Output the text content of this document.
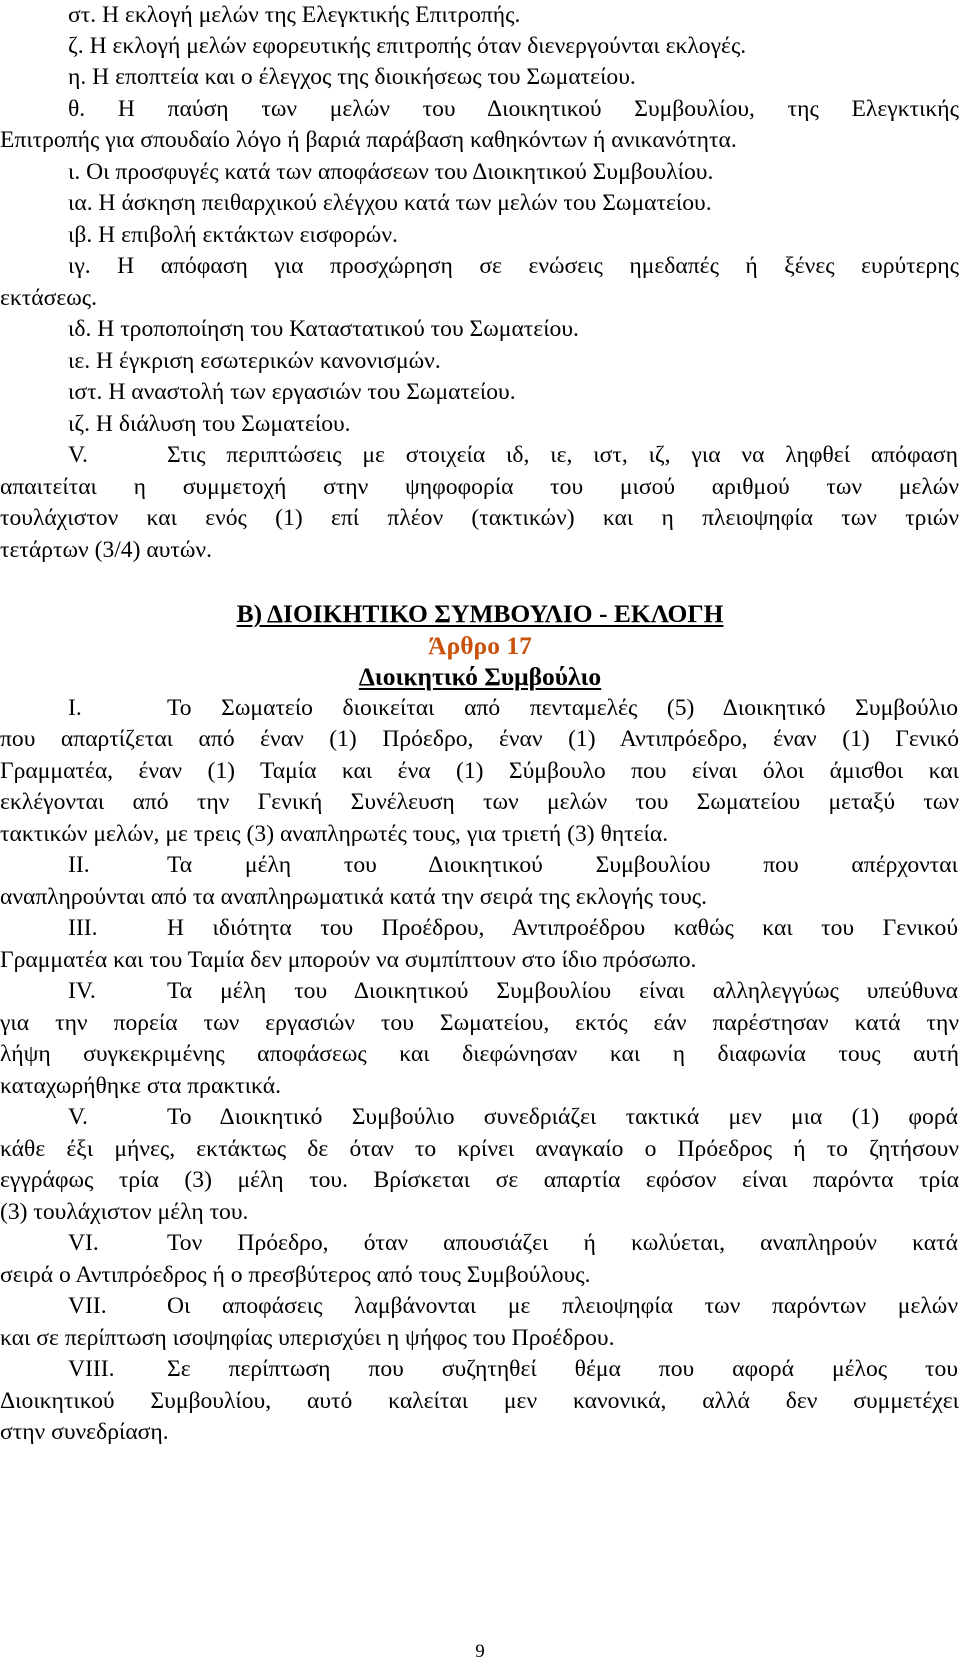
στ. Η εκλογή μελών της Ελεγκτικής Επιτροπής.
ζ. Η εκλογή μελών εφορευτικής επιτροπής όταν διενεργούνται εκλογές.
η. Η εποπτεία και ο έλεγχος της διοικήσεως του Σωματείου.
θ. Η παύση των μελών του Διοικητικού Συμβουλίου, της Ελεγκτικής
Επιτροπής για σπουδαίο λόγο ή βαριά παράβαση καθηκόντων ή ανικανότητα.
ι. Οι προσφυγές κατά των αποφάσεων του Διοικητικού Συμβουλίου.
ια. Η άσκηση πειθαρχικού ελέγχου κατά των μελών του Σωματείου.
ιβ. Η επιβολή εκτάκτων εισφορών.
ιγ. Η απόφαση για προσχώρηση σε ενώσεις ημεδαπές ή ξένες ευρύτερης
εκτάσεως.
ιδ. Η τροποποίηση του Καταστατικού του Σωματείου.
ιε. Η έγκριση εσωτερικών κανονισμών.
ιστ. Η αναστολή των εργασιών του Σωματείου.
ιζ. Η διάλυση του Σωματείου.
V.	Στις περιπτώσεις με στοιχεία ιδ, ιε, ιστ, ιζ, για να ληφθεί απόφαση
απαιτείται η συμμετοχή στην ψηφοφορία του μισού αριθμού των μελών
τουλάχιστον και ενός (1) επί πλέον (τακτικών) και η πλειοψηφία των τριών
τετάρτων (3/4) αυτών.
Β) ΔΙΟΙΚΗΤΙΚΟ ΣΥΜΒΟΥΛΙΟ - ΕΚΛΟΓΗ
Άρθρο 17
Διοικητικό Συμβούλιο
I.	Το Σωματείο διοικείται από πενταμελές (5) Διοικητικό Συμβούλιο
που απαρτίζεται από έναν (1) Πρόεδρο, έναν (1) Αντιπρόεδρο, έναν (1) Γενικό
Γραμματέα, έναν (1) Ταμία και ένα (1) Σύμβουλο που είναι όλοι άμισθοι και
εκλέγονται από την Γενική Συνέλευση των μελών του Σωματείου μεταξύ των
τακτικών μελών, με τρεις (3) αναπληρωτές τους, για τριετή (3) θητεία.
II.	Τα μέλη του Διοικητικού Συμβουλίου που απέρχονται
αναπληρούνται από τα αναπληρωματικά κατά την σειρά της εκλογής τους.
III.	Η ιδιότητα του Προέδρου, Αντιπροέδρου καθώς και του Γενικού
Γραμματέα και του Ταμία δεν μπορούν να συμπίπτουν στο ίδιο πρόσωπο.
IV.	Τα μέλη του Διοικητικού Συμβουλίου είναι αλληλεγγύως υπεύθυνα
για την πορεία των εργασιών του Σωματείου, εκτός εάν παρέστησαν κατά την
λήψη συγκεκριμένης αποφάσεως και διεφώνησαν και η διαφωνία τους αυτή
καταχωρήθηκε στα πρακτικά.
V.	Το Διοικητικό Συμβούλιο συνεδριάζει τακτικά μεν μια (1) φορά
κάθε έξι μήνες, εκτάκτως δε όταν το κρίνει αναγκαίο ο Πρόεδρος ή το ζητήσουν
εγγράφως τρία (3) μέλη του. Βρίσκεται σε απαρτία εφόσον είναι παρόντα τρία
(3) τουλάχιστον μέλη του.
VI.	Τον Πρόεδρο, όταν απουσιάζει ή κωλύεται, αναπληρούν κατά
σειρά ο Αντιπρόεδρος ή ο πρεσβύτερος από τους Συμβούλους.
VII.	Οι αποφάσεις λαμβάνονται με πλειοψηφία των παρόντων μελών
και σε περίπτωση ισοψηφίας υπερισχύει η ψήφος του Προέδρου.
VIII. Σε περίπτωση που συζητηθεί θέμα που αφορά μέλος του
Διοικητικού Συμβουλίου, αυτό καλείται μεν κανονικά, αλλά δεν συμμετέχει
στην συνεδρίαση.
9
